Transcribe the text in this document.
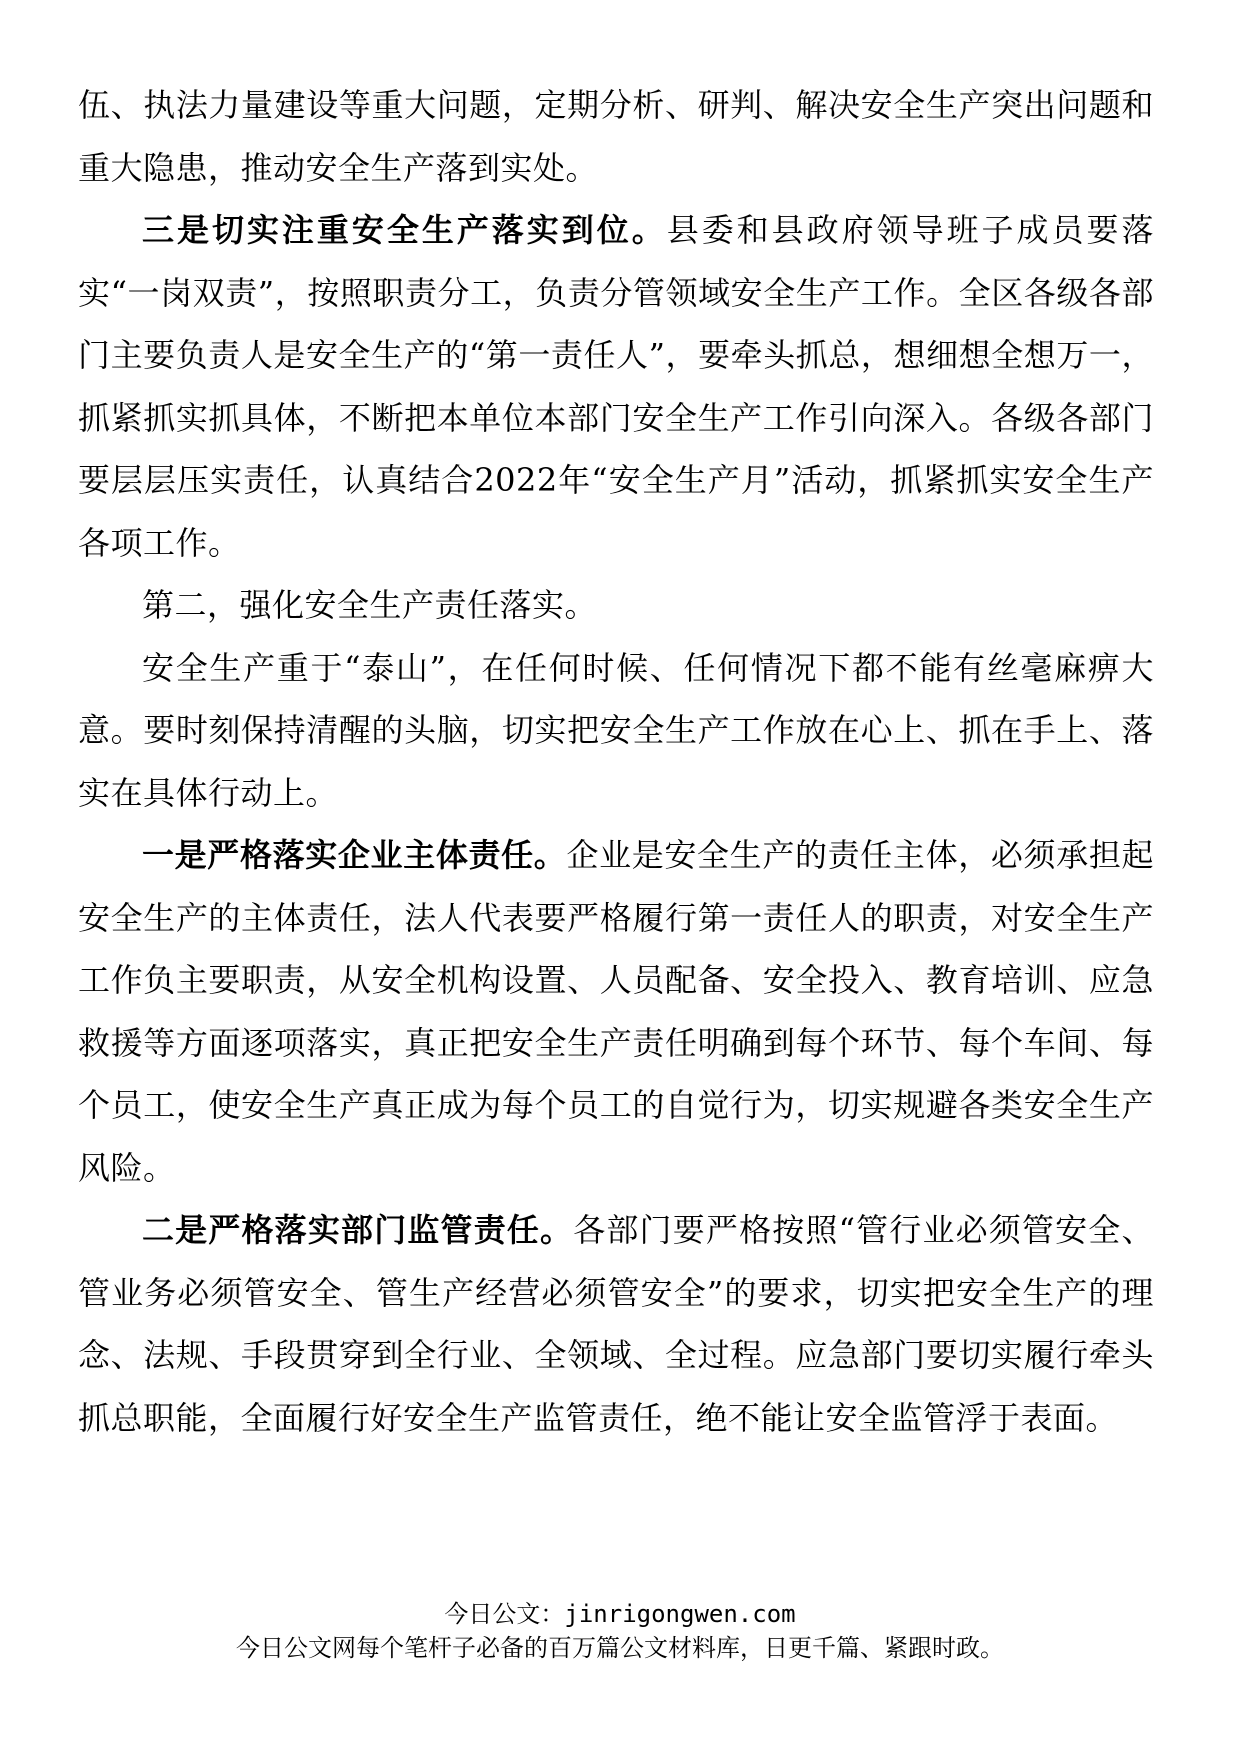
伍、执法力量建设等重大问题，定期分析、研判、解决安全生产突出问题和重大隐患，推动安全生产落到实处。

三是切实注重安全生产落实到位。县委和县政府领导班子成员要落实“一岗双责”，按照职责分工，负责分管领域安全生产工作。全区各级各部门主要负责人是安全生产的“第一责任人”，要牵头抓总，想细想全想万一，抓紧抓实抓具体，不断把本单位本部门安全生产工作引向深入。各级各部门要层层压实责任，认真结合2022年“安全生产月”活动，抓紧抓实安全生产各项工作。

第二，强化安全生产责任落实。

安全生产重于“泰山”，在任何时候、任何情况下都不能有丝毫麻痹大意。要时刻保持清醒的头脑，切实把安全生产工作放在心上、抓在手上、落实在具体行动上。

一是严格落实企业主体责任。企业是安全生产的责任主体，必须承担起安全生产的主体责任，法人代表要严格履行第一责任人的职责，对安全生产工作负主要职责，从安全机构设置、人员配备、安全投入、教育培训、应急救援等方面逐项落实，真正把安全生产责任明确到每个环节、每个车间、每个员工，使安全生产真正成为每个员工的自觉行为，切实规避各类安全生产风险。

二是严格落实部门监管责任。各部门要严格按照“管行业必须管安全、管业务必须管安全、管生产经营必须管安全”的要求，切实把安全生产的理念、法规、手段贯穿到全行业、全领域、全过程。应急部门要切实履行牵头抓总职能，全面履行好安全生产监管责任，绝不能让安全监管浮于表面。

今日公文：jinrigongwen.com
今日公文网每个笔杆子必备的百万篇公文材料库，日更千篇、紧跟时政。
